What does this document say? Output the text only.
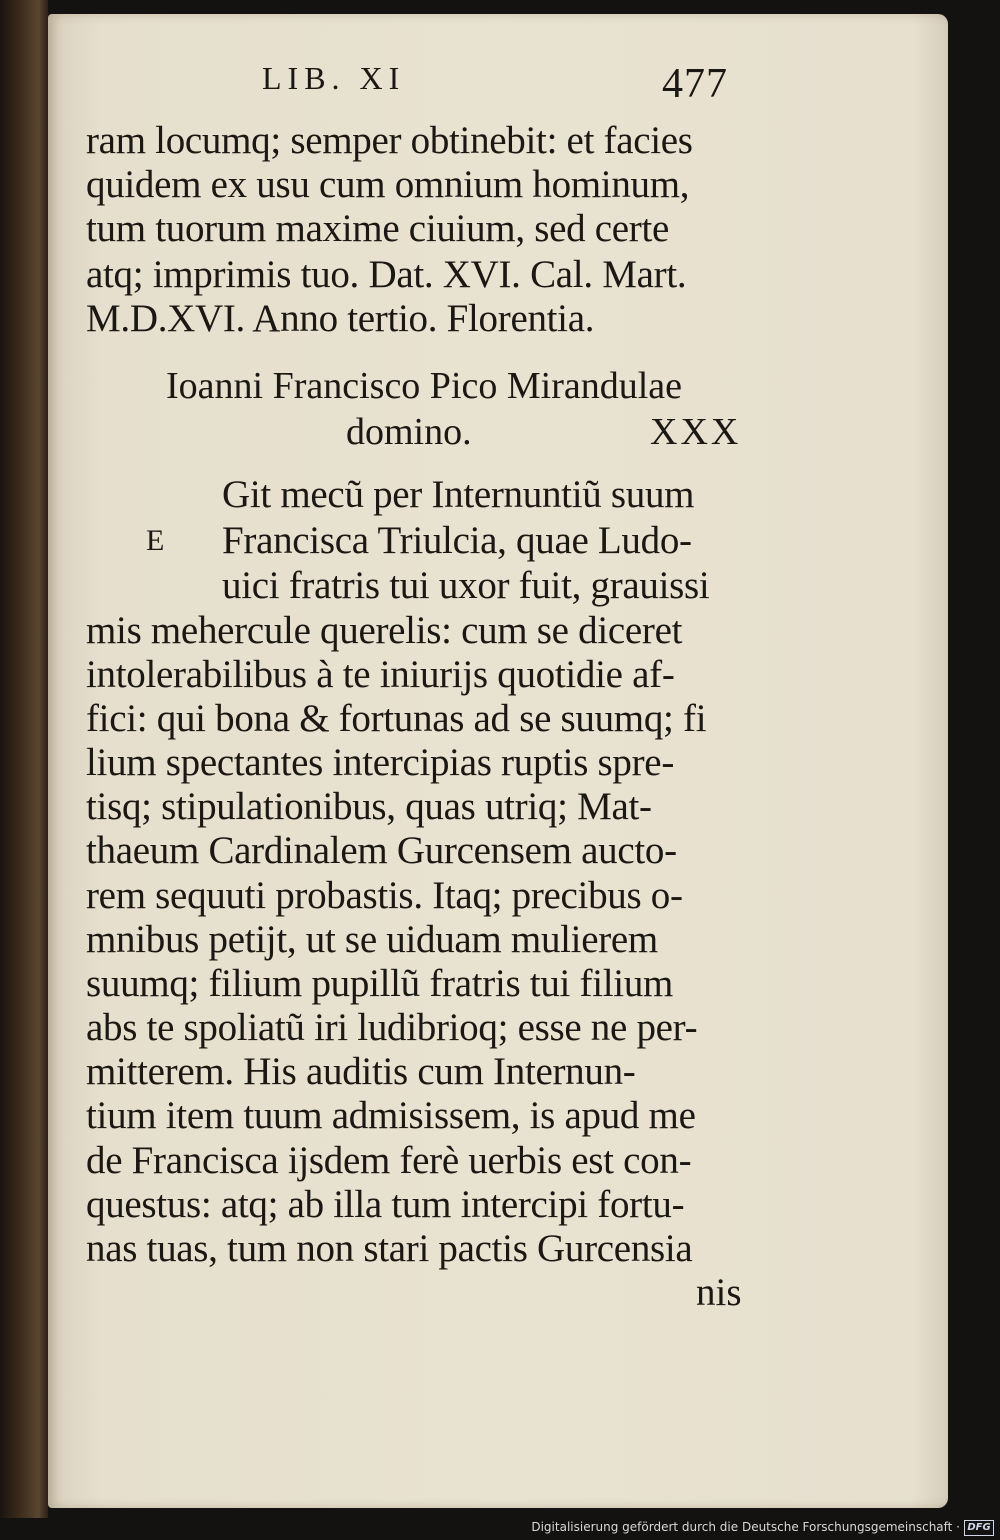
LIB. XI	477
ram locumq; semper obtinebit: et facies
quidem ex usu cum omnium hominum,
tum tuorum maxime ciuium, sed certe
atq; imprimis tuo. Dat. XVI. Cal. Mart.
M.D.XVI. Anno tertio. Florentia.
Ioanni Francisco Pico Mirandulae
domino.	XXX
E
Git mecũ per Internuntiũ suum
Francisca Triulcia, quae Ludo-
uici fratris tui uxor fuit, grauissi
mis mehercule querelis: cum se diceret
intolerabilibus à te iniurijs quotidie af-
fici: qui bona & fortunas ad se suumq; fi
lium spectantes intercipias ruptis spre-
tisq; stipulationibus, quas utriq; Mat-
thaeum Cardinalem Gurcensem aucto-
rem sequuti probastis. Itaq; precibus o-
mnibus petijt, ut se uiduam mulierem
suumq; filium pupillũ fratris tui filium
abs te spoliatũ iri ludibrioq; esse ne per-
mitterem. His auditis cum Internun-
tium item tuum admisissem, is apud me
de Francisca ijsdem ferè uerbis est con-
questus: atq; ab illa tum intercipi fortu-
nas tuas, tum non stari pactis Gurcensia
nis
Digitalisierung gefördert durch die Deutsche Forschungsgemeinschaft · DFG
